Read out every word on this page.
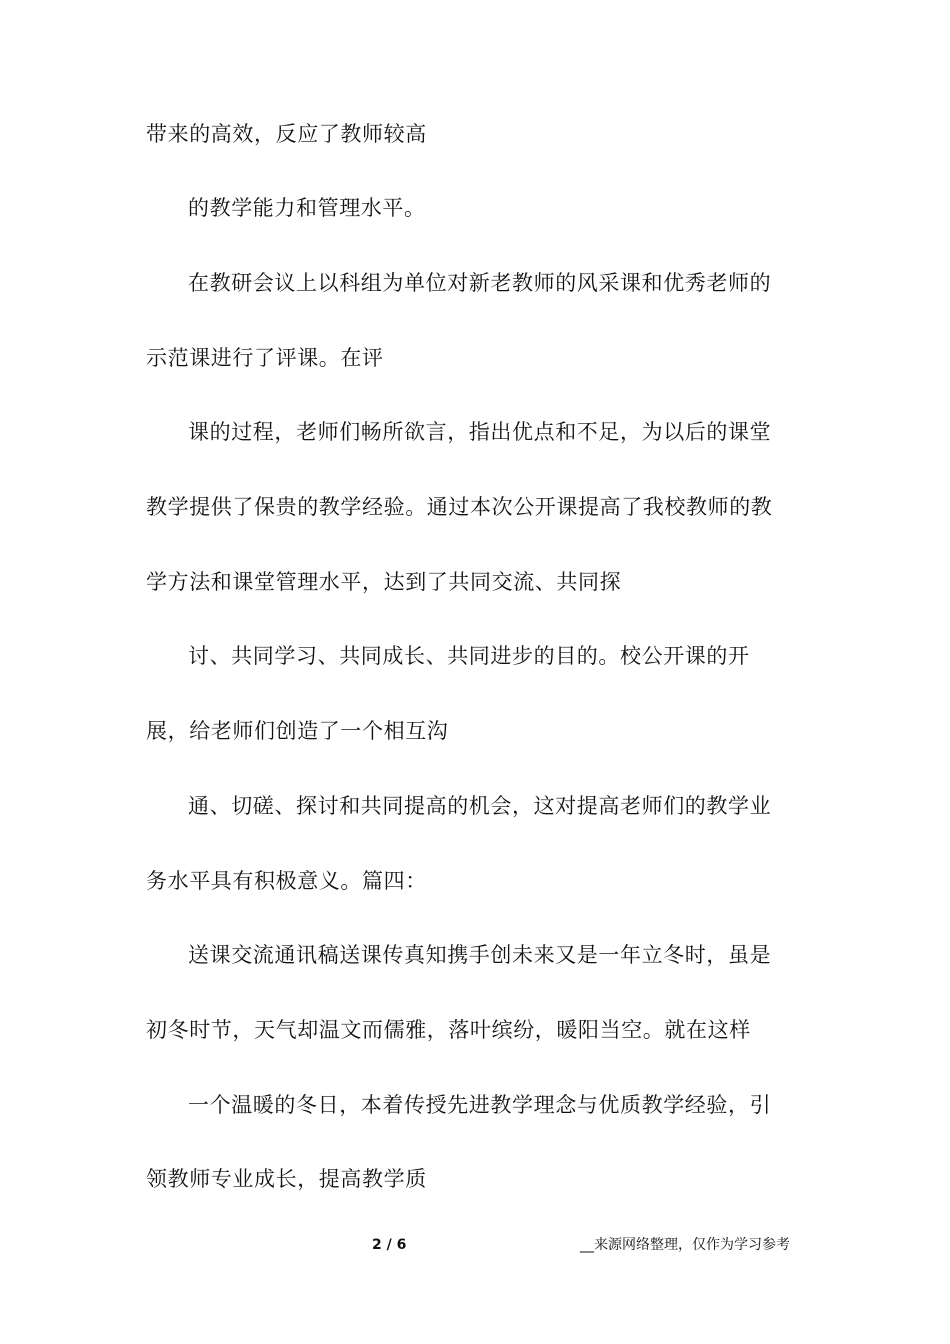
带来的高效，反应了教师较高
的教学能力和管理水平。
在教研会议上以科组为单位对新老教师的风采课和优秀老师的
示范课进行了评课。在评
课的过程，老师们畅所欲言，指出优点和不足，为以后的课堂
教学提供了保贵的教学经验。通过本次公开课提高了我校教师的教
学方法和课堂管理水平，达到了共同交流、共同探
讨、共同学习、共同成长、共同进步的目的。校公开课的开
展，给老师们创造了一个相互沟
通、切磋、探讨和共同提高的机会，这对提高老师们的教学业
务水平具有积极意义。篇四：
送课交流通讯稿送课传真知携手创未来又是一年立冬时，虽是
初冬时节，天气却温文而儒雅，落叶缤纷，暖阳当空。就在这样
一个温暖的冬日，本着传授先进教学理念与优质教学经验，引
领教师专业成长，提高教学质
2 / 6	__来源网络整理，仅作为学习参考
